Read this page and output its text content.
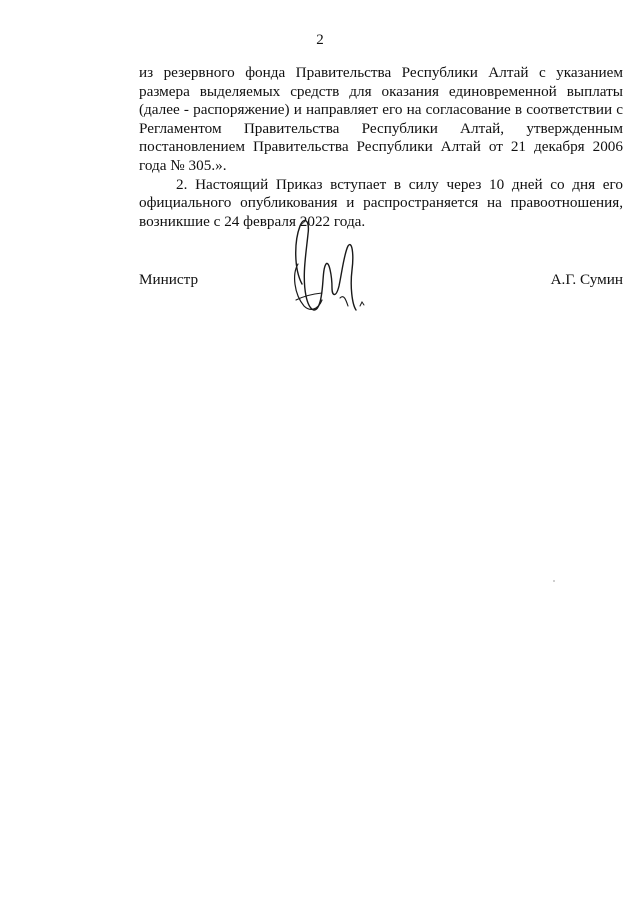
2

из резервного фонда Правительства Республики Алтай с указанием размера выделяемых средств для оказания единовременной выплаты (далее - распоряжение) и направляет его на согласование в соответствии с Регламентом Правительства Республики Алтай, утвержденным постановлением Правительства Республики Алтай от 21 декабря 2006 года № 305.».

2. Настоящий Приказ вступает в силу через 10 дней со дня его официального опубликования и распространяется на правоотношения, возникшие с 24 февраля 2022 года.

Министр	А.Г. Сумин
